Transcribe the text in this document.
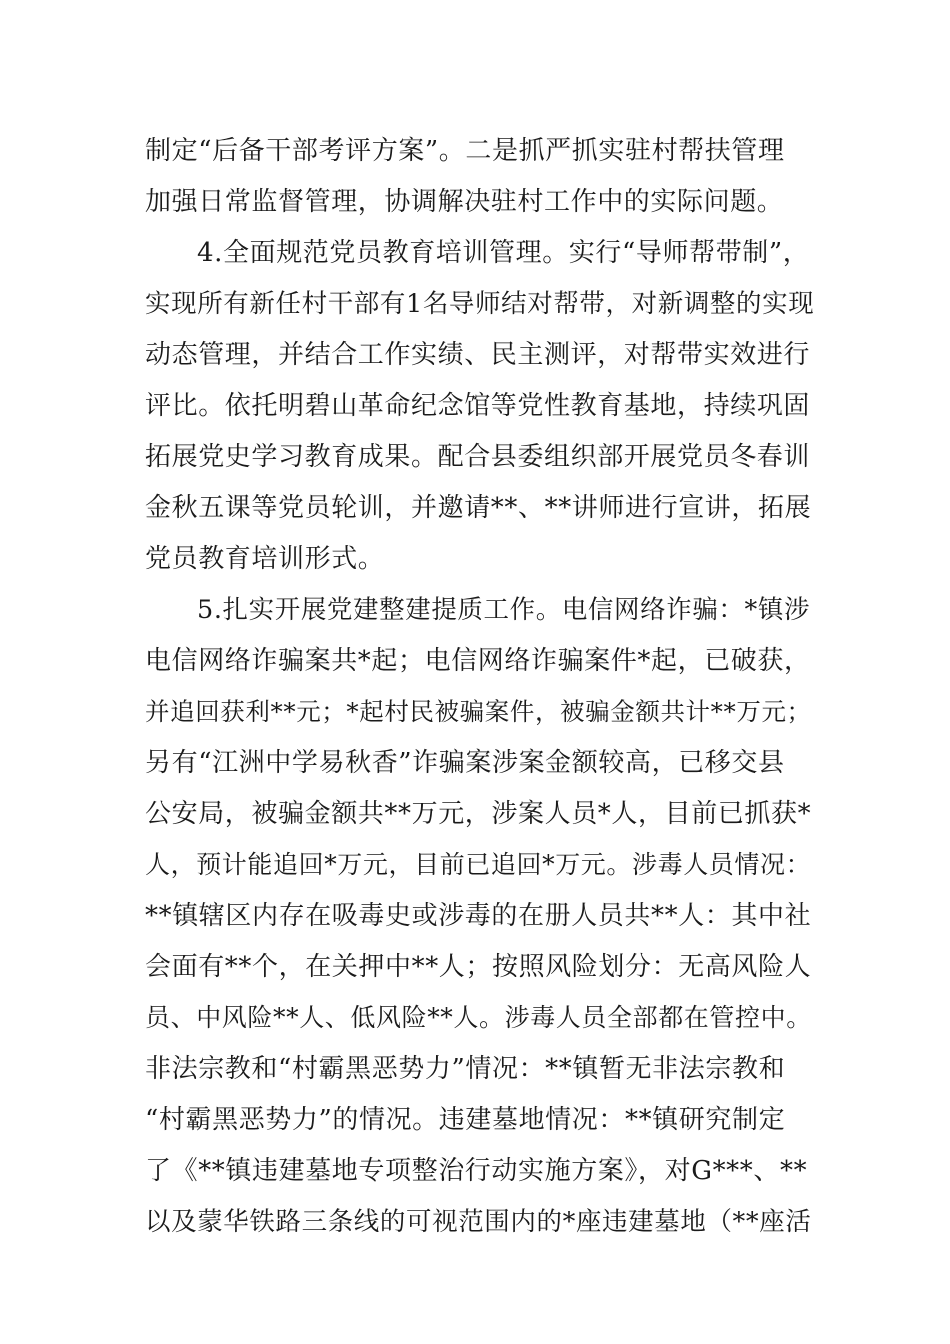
制定“后备干部考评方案”。二是抓严抓实驻村帮扶管理
加强日常监督管理，协调解决驻村工作中的实际问题。
4.全面规范党员教育培训管理。实行“导师帮带制”，
实现所有新任村干部有1名导师结对帮带，对新调整的实现
动态管理，并结合工作实绩、民主测评，对帮带实效进行
评比。依托明碧山革命纪念馆等党性教育基地，持续巩固
拓展党史学习教育成果。配合县委组织部开展党员冬春训
金秋五课等党员轮训，并邀请**、**讲师进行宣讲，拓展
党员教育培训形式。
5.扎实开展党建整建提质工作。电信网络诈骗：*镇涉
电信网络诈骗案共*起；电信网络诈骗案件*起，已破获，
并追回获利**元；*起村民被骗案件，被骗金额共计**万元；
另有“江洲中学易秋香”诈骗案涉案金额较高，已移交县
公安局，被骗金额共**万元，涉案人员*人，目前已抓获*
人，预计能追回*万元，目前已追回*万元。涉毒人员情况：
**镇辖区内存在吸毒史或涉毒的在册人员共**人：其中社
会面有**个，在关押中**人；按照风险划分：无高风险人
员、中风险**人、低风险**人。涉毒人员全部都在管控中。
非法宗教和“村霸黑恶势力”情况：**镇暂无非法宗教和
“村霸黑恶势力”的情况。违建墓地情况：**镇研究制定
了《**镇违建墓地专项整治行动实施方案》，对G***、**
以及蒙华铁路三条线的可视范围内的*座违建墓地（**座活
